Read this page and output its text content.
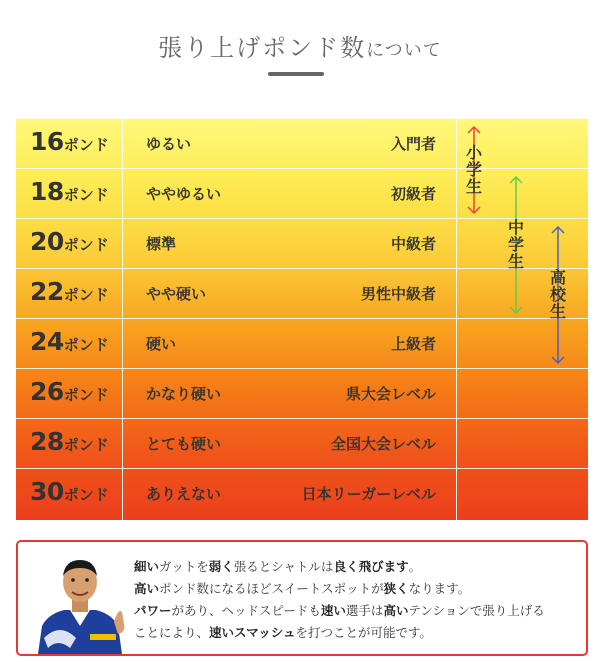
張り上げポンド数について
16ポンド ゆるい	入門者
18ポンド ややゆるい	初級者
20ポンド 標準	中級者
22ポンド やや硬い	男性中級者
24ポンド 硬い	上級者
26ポンド かなり硬い	県大会レベル
28ポンド とても硬い	全国大会レベル
30ポンド ありえない	日本リーガーレベル
小
学
生
中
学
生
高
校
生
細いガットを弱く張るとシャトルは良く飛びます。
高いポンド数になるほどスイートスポットが狭くなります。
パワーがあり、ヘッドスピードも速い選手は高いテンションで張り上げる
ことにより、速いスマッシュを打つことが可能です。
